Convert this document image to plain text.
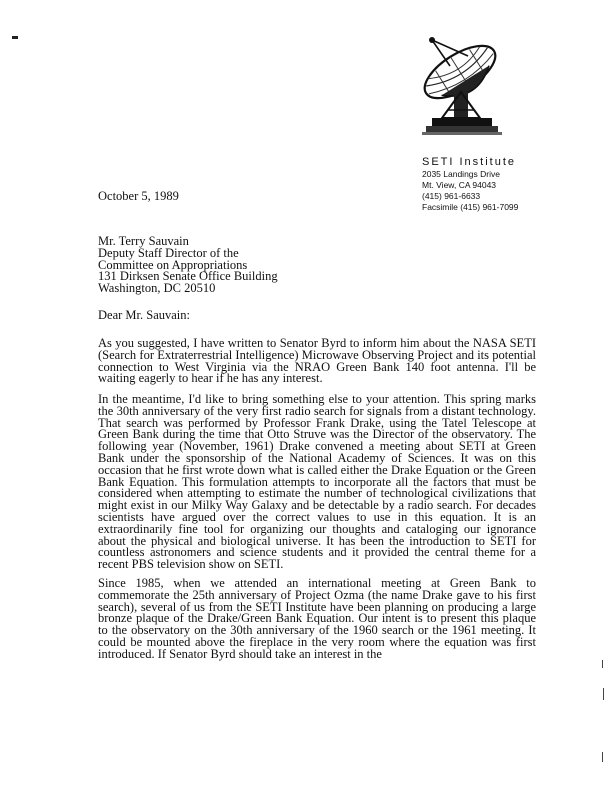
SETI Institute
2035 Landings Drive
Mt. View, CA 94043
(415) 961-6633
Facsimile (415) 961-7099
October 5, 1989
Mr. Terry Sauvain
Deputy Staff Director of the
Committee on Appropriations
131 Dirksen Senate Office Building
Washington, DC 20510
Dear Mr. Sauvain:
As you suggested, I have written to Senator Byrd to inform him about the NASA SETI (Search for Extraterrestrial Intelligence) Microwave Observing Project and its potential connection to West Virginia via the NRAO Green Bank 140 foot antenna. I'll be waiting eagerly to hear if he has any interest.
In the meantime, I'd like to bring something else to your attention. This spring marks the 30th anniversary of the very first radio search for signals from a distant technology. That search was performed by Professor Frank Drake, using the Tatel Telescope at Green Bank during the time that Otto Struve was the Director of the observatory. The following year (November, 1961) Drake convened a meeting about SETI at Green Bank under the sponsorship of the National Academy of Sciences. It was on this occasion that he first wrote down what is called either the Drake Equation or the Green Bank Equation. This formulation attempts to incorporate all the factors that must be considered when attempting to estimate the number of technological civilizations that might exist in our Milky Way Galaxy and be detectable by a radio search. For decades scientists have argued over the correct values to use in this equation. It is an extraordinarily fine tool for organizing our thoughts and cataloging our ignorance about the physical and biological universe. It has been the introduction to SETI for countless astronomers and science students and it provided the central theme for a recent PBS television show on SETI.
Since 1985, when we attended an international meeting at Green Bank to commemorate the 25th anniversary of Project Ozma (the name Drake gave to his first search), several of us from the SETI Institute have been planning on producing a large bronze plaque of the Drake/Green Bank Equation. Our intent is to present this plaque to the observatory on the 30th anniversary of the 1960 search or the 1961 meeting. It could be mounted above the fireplace in the very room where the equation was first introduced. If Senator Byrd should take an interest in the
